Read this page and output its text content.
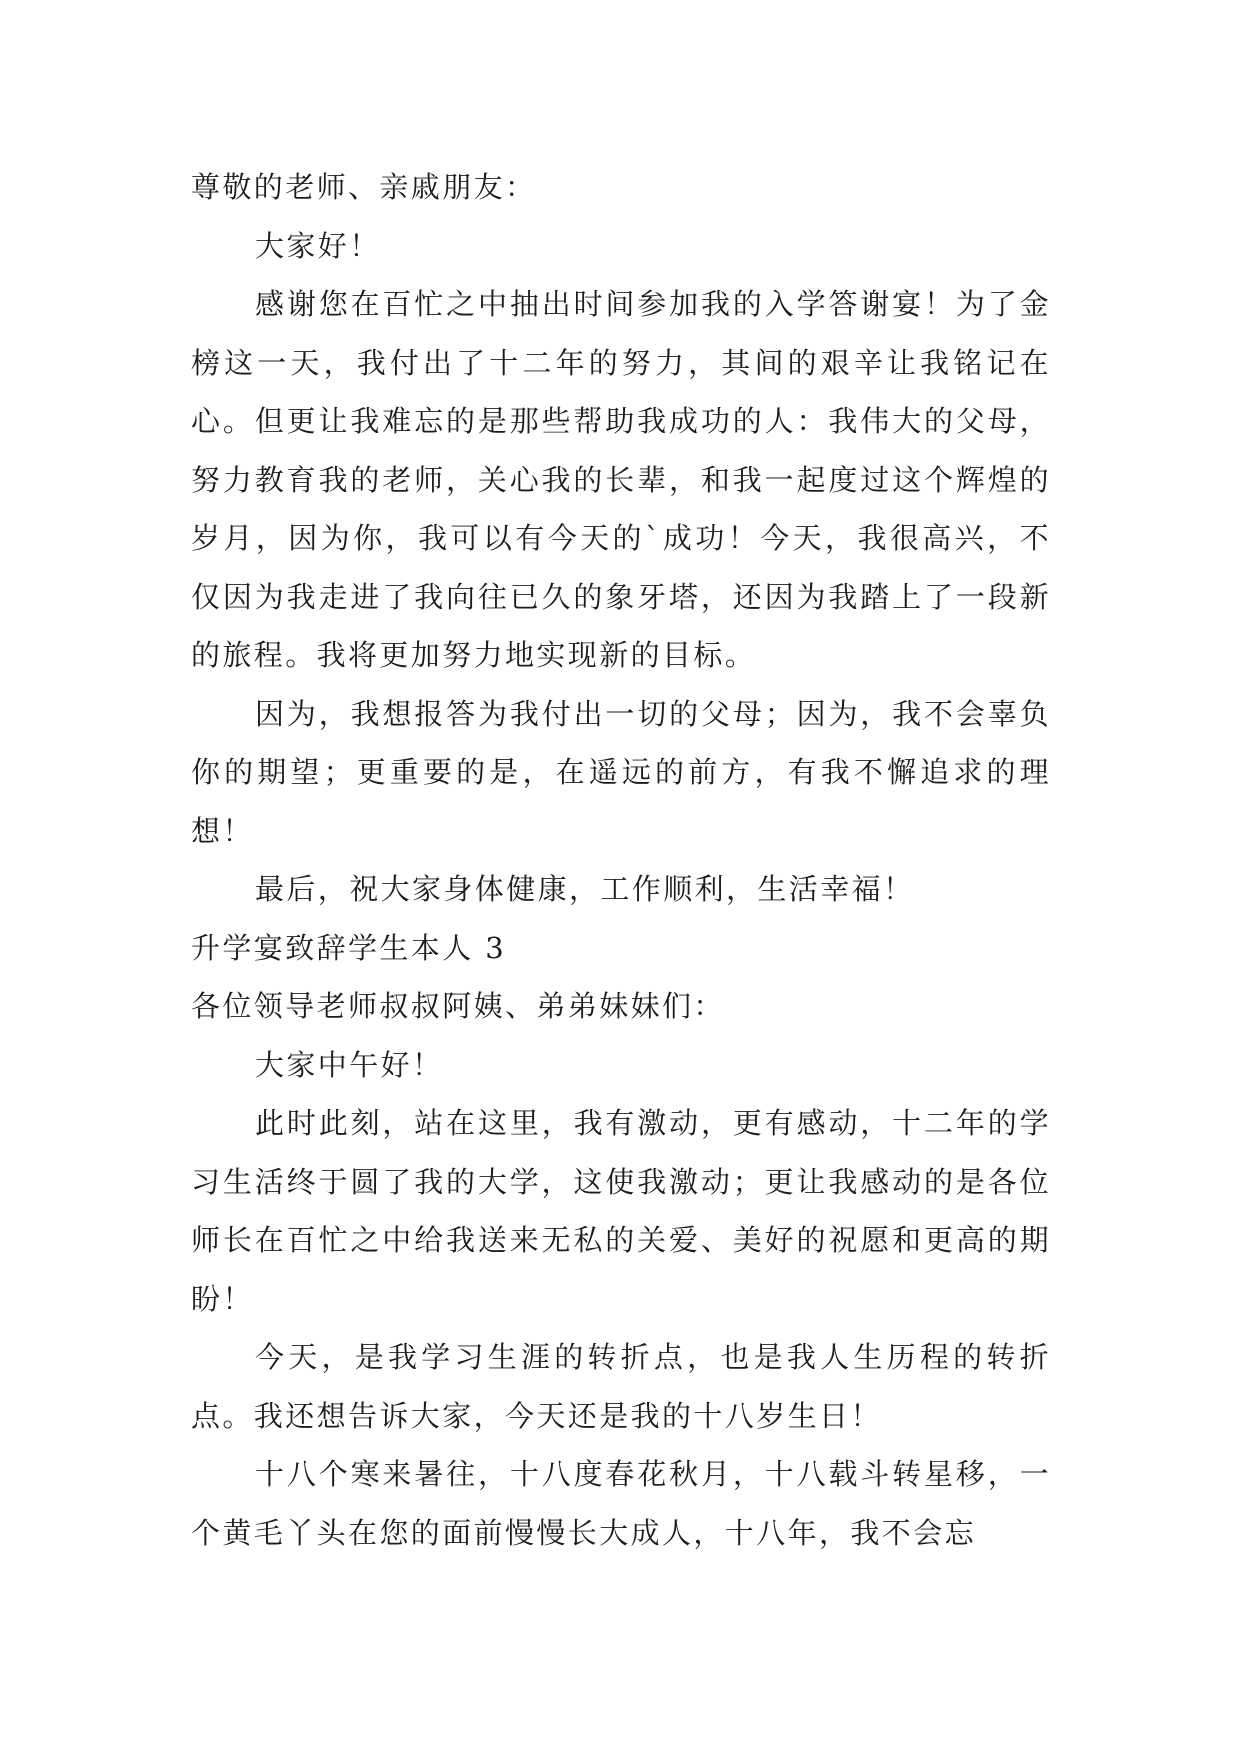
尊敬的老师、亲戚朋友：

大家好！

感谢您在百忙之中抽出时间参加我的入学答谢宴！为了金榜这一天，我付出了十二年的努力，其间的艰辛让我铭记在心。但更让我难忘的是那些帮助我成功的人：我伟大的父母，努力教育我的老师，关心我的长辈，和我一起度过这个辉煌的岁月，因为你，我可以有今天的`成功！今天，我很高兴，不仅因为我走进了我向往已久的象牙塔，还因为我踏上了一段新的旅程。我将更加努力地实现新的目标。

因为，我想报答为我付出一切的父母；因为，我不会辜负你的期望；更重要的是，在遥远的前方，有我不懈追求的理想！

最后，祝大家身体健康，工作顺利，生活幸福！

升学宴致辞学生本人 3

各位领导老师叔叔阿姨、弟弟妹妹们：

大家中午好！

此时此刻，站在这里，我有激动，更有感动，十二年的学习生活终于圆了我的大学，这使我激动；更让我感动的是各位师长在百忙之中给我送来无私的关爱、美好的祝愿和更高的期盼！

今天，是我学习生涯的转折点，也是我人生历程的转折点。我还想告诉大家，今天还是我的十八岁生日！

十八个寒来暑往，十八度春花秋月，十八载斗转星移，一个黄毛丫头在您的面前慢慢长大成人，十八年，我不会忘
